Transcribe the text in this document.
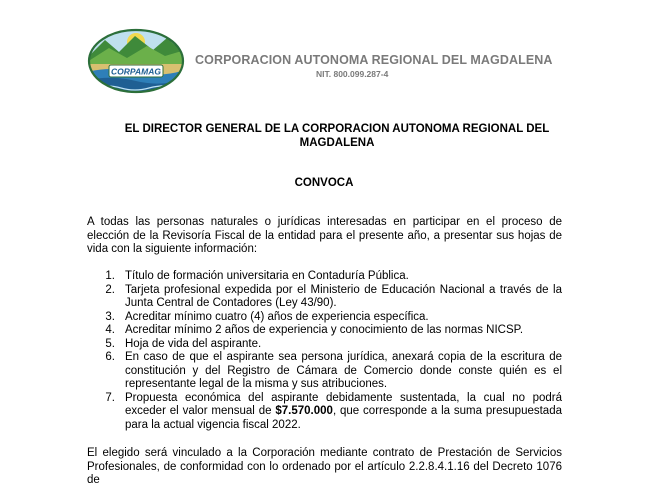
CORPAMAG
CORPORACION AUTONOMA REGIONAL DEL MAGDALENA
NIT. 800.099.287-4
EL DIRECTOR GENERAL DE LA CORPORACION AUTONOMA REGIONAL DEL MAGDALENA
CONVOCA
A todas las personas naturales o jurídicas interesadas en participar en el proceso de elección de la Revisoría Fiscal de la entidad para el presente año, a presentar sus hojas de vida con la siguiente información:
1. Título de formación universitaria en Contaduría Pública.
2. Tarjeta profesional expedida por el Ministerio de Educación Nacional a través de la Junta Central de Contadores (Ley 43/90).
3. Acreditar mínimo cuatro (4) años de experiencia específica.
4. Acreditar mínimo 2 años de experiencia y conocimiento de las normas NICSP.
5. Hoja de vida del aspirante.
6. En caso de que el aspirante sea persona jurídica, anexará copia de la escritura de constitución y del Registro de Cámara de Comercio donde conste quién es el representante legal de la misma y sus atribuciones.
7. Propuesta económica del aspirante debidamente sustentada, la cual no podrá exceder el valor mensual de $7.570.000, que corresponde a la suma presupuestada para la actual vigencia fiscal 2022.
El elegido será vinculado a la Corporación mediante contrato de Prestación de Servicios Profesionales, de conformidad con lo ordenado por el artículo 2.2.8.4.1.16 del Decreto 1076 de
